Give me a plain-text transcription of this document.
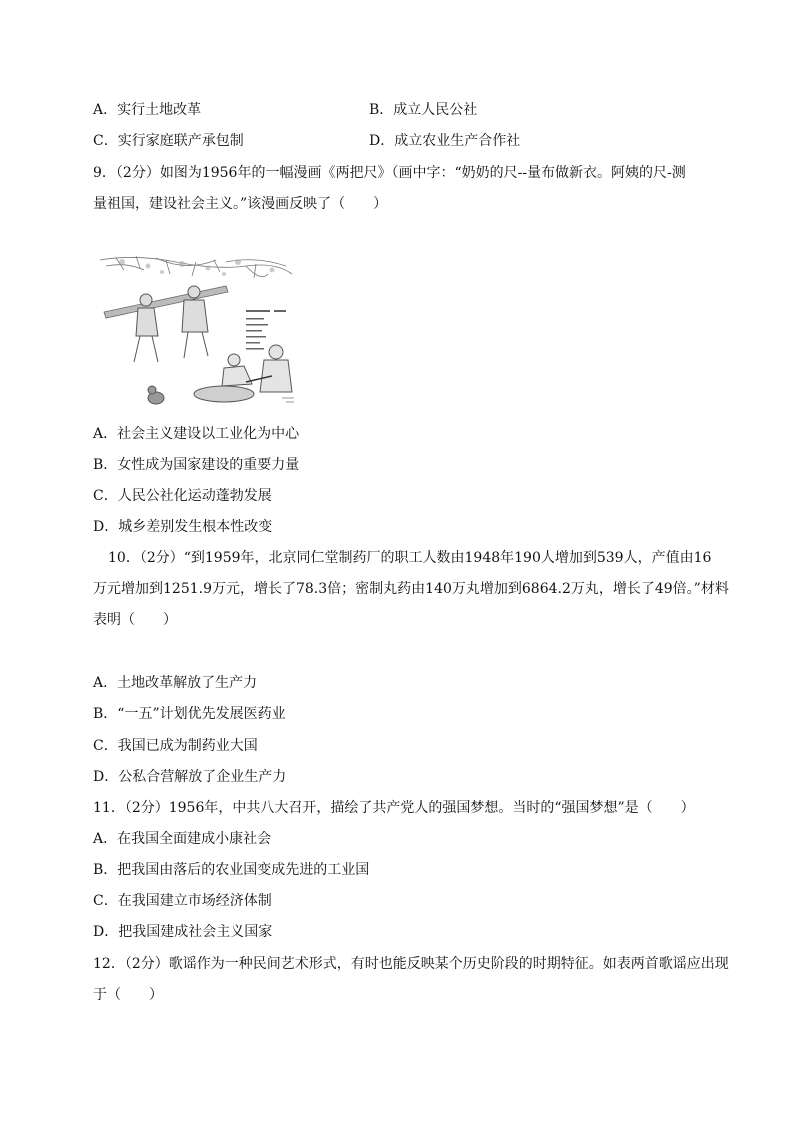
A．实行土地改革	B．成立人民公社
C．实行家庭联产承包制	D．成立农业生产合作社
9．（2分）如图为1956年的一幅漫画《两把尺》（画中字：“奶奶的尺--量布做新衣。阿姨的尺-测
量祖国，建设社会主义。”该漫画反映了（　　）
A．社会主义建设以工业化为中心
B．女性成为国家建设的重要力量
C．人民公社化运动蓬勃发展
D．城乡差别发生根本性改变
10．（2分）“到1959年，北京同仁堂制药厂的职工人数由1948年190人增加到539人，产值由16
万元增加到1251.9万元，增长了78.3倍；密制丸药由140万丸增加到6864.2万丸，增长了49倍。”材料
表明（　　）
A．土地改革解放了生产力
B．“一五”计划优先发展医药业
C．我国已成为制药业大国
D．公私合营解放了企业生产力
11．（2分）1956年，中共八大召开，描绘了共产党人的强国梦想。当时的“强国梦想”是（　　）
A．在我国全面建成小康社会
B．把我国由落后的农业国变成先进的工业国
C．在我国建立市场经济体制
D．把我国建成社会主义国家
12．（2分）歌谣作为一种民间艺术形式，有时也能反映某个历史阶段的时期特征。如表两首歌谣应出现
于（　　）
